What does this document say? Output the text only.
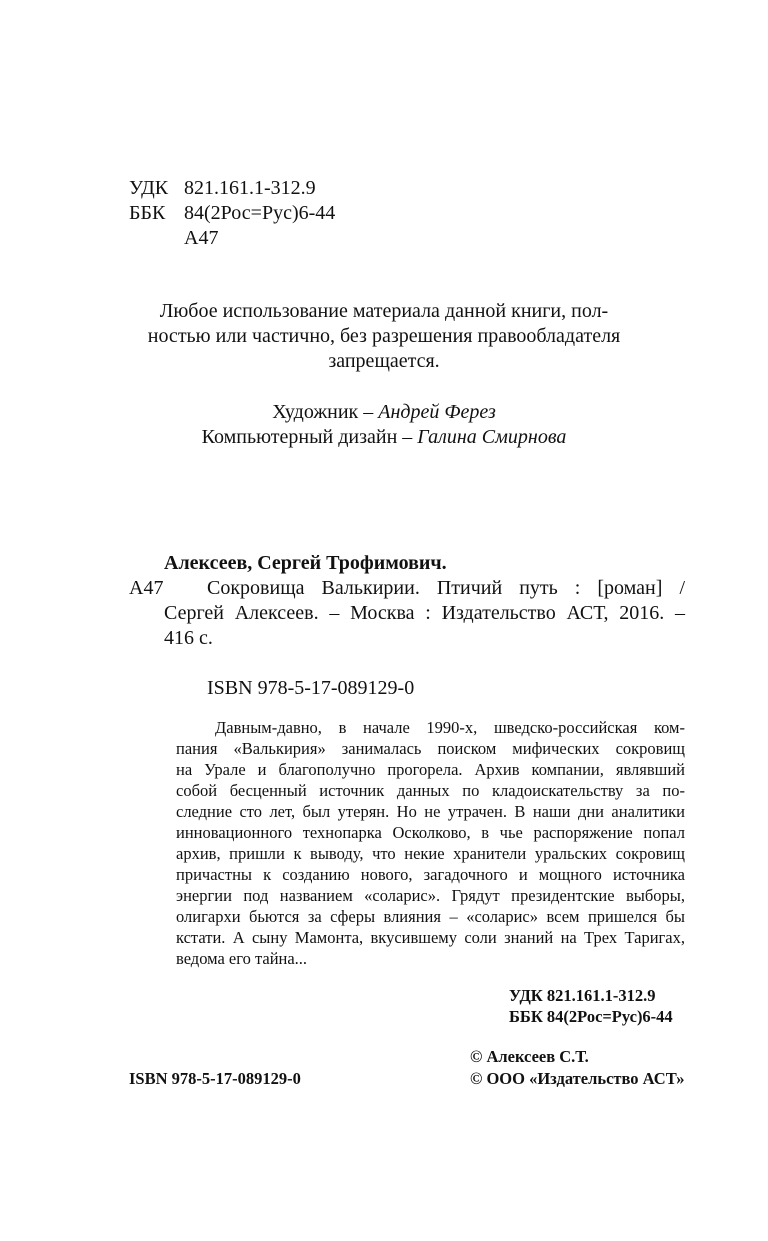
УДК 821.161.1-312.9
ББК 84(2Рос=Рус)6-44
А47
Любое использование материала данной книги, пол-
ностью или частично, без разрешения правообладателя
запрещается.
Художник – Андрей Ферез
Компьютерный дизайн – Галина Смирнова
Алексеев, Сергей Трофимович.
А47 Сокровища Валькирии. Птичий путь : [роман] /
Сергей Алексеев. – Москва : Издательство АСТ, 2016. –
416 с.
ISBN 978-5-17-089129-0
Давным-давно, в начале 1990-х, шведско-российская ком-
пания «Валькирия» занималась поиском мифических сокровищ
на Урале и благополучно прогорела. Архив компании, являвший
собой бесценный источник данных по кладоискательству за по-
следние сто лет, был утерян. Но не утрачен. В наши дни аналитики
инновационного технопарка Осколково, в чье распоряжение попал
архив, пришли к выводу, что некие хранители уральских сокровищ
причастны к созданию нового, загадочного и мощного источника
энергии под названием «соларис». Грядут президентские выборы,
олигархи бьются за сферы влияния – «соларис» всем пришелся бы
кстати. А сыну Мамонта, вкусившему соли знаний на Трех Таригах,
ведома его тайна...
УДК 821.161.1-312.9
ББК 84(2Рос=Рус)6-44
© Алексеев С.Т.
ISBN 978-5-17-089129-0	© ООО «Издательство АСТ»
